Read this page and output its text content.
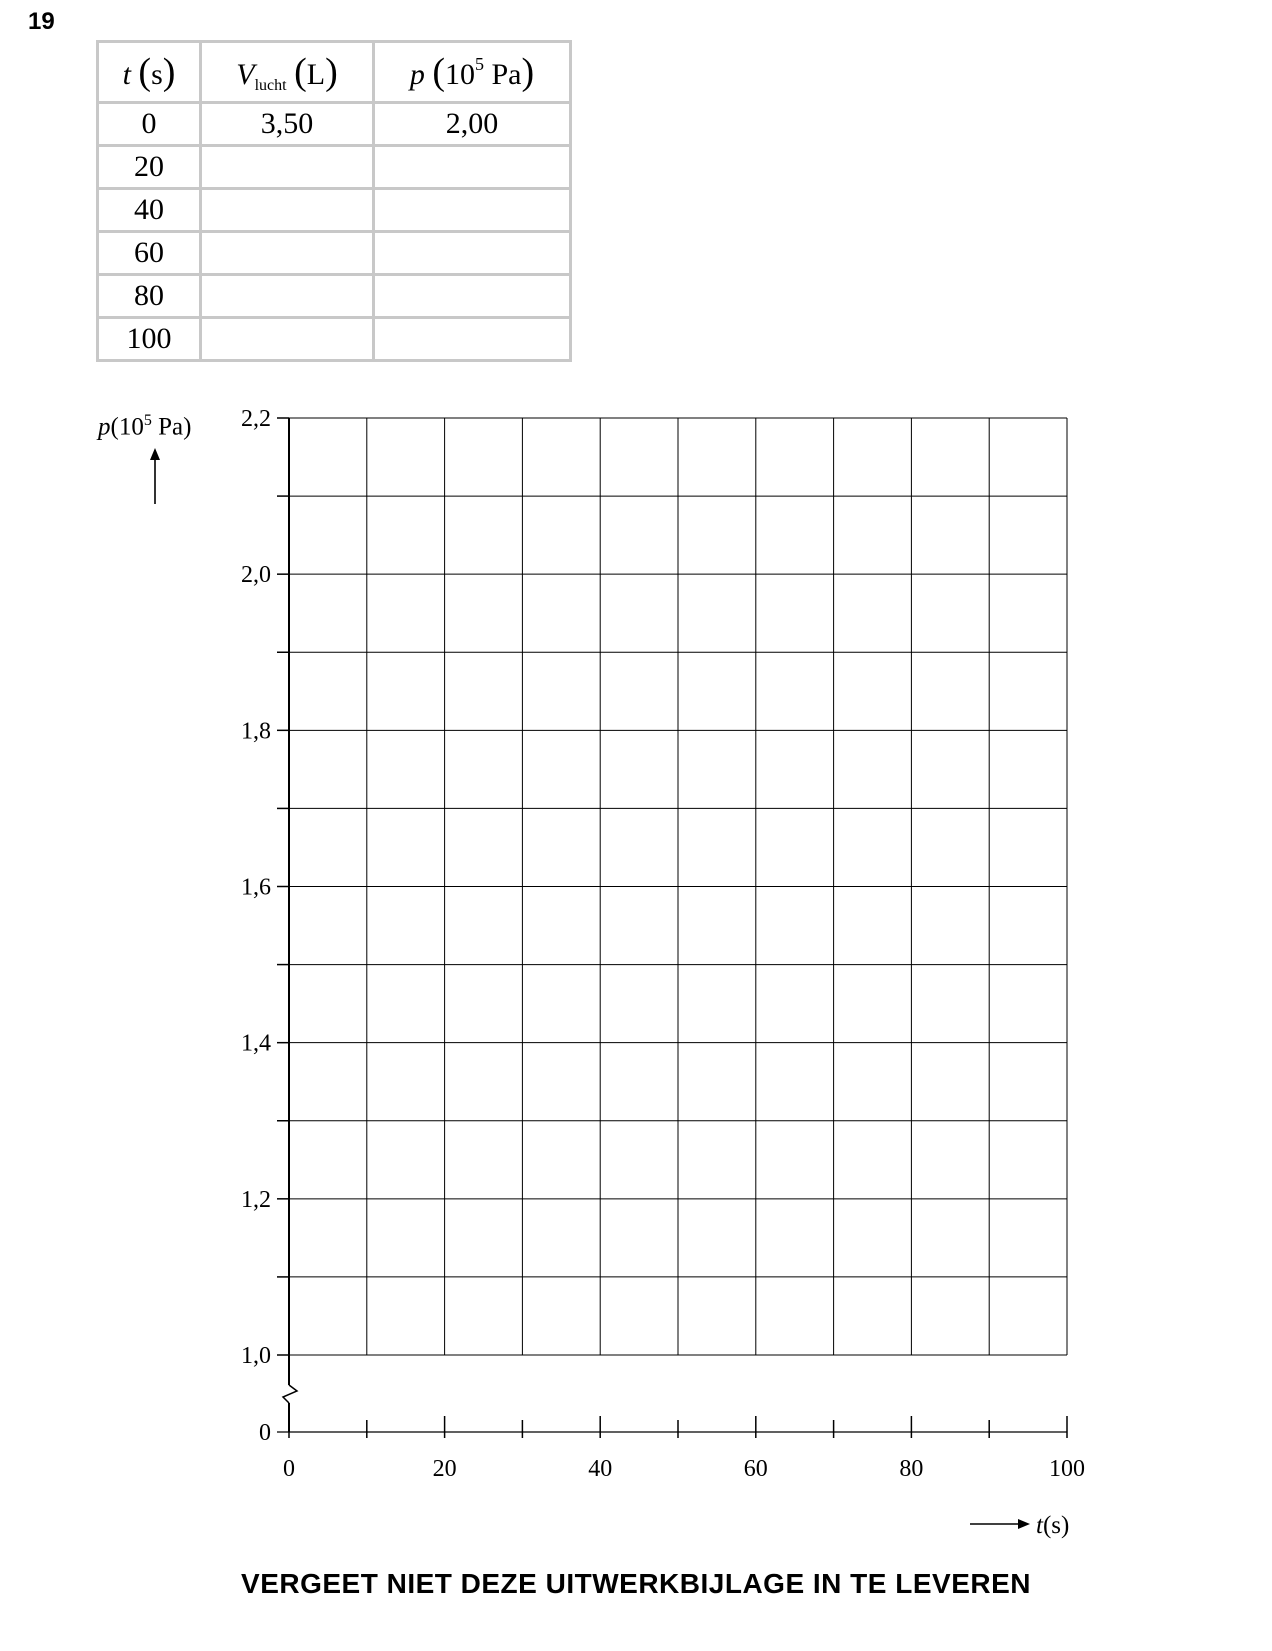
19
t (s)	$V_{lucht}$ (L)	p ($10^5$ Pa)
0	3,50	2,00
20		
40		
60		
80		
100		
$p(10^5$ Pa)
t(s)
0
1,0
1,2
1,4
1,6
1,8
2,0
2,2
0	20	40	60	80	100
VERGEET NIET DEZE UITWERKBIJLAGE IN TE LEVEREN
